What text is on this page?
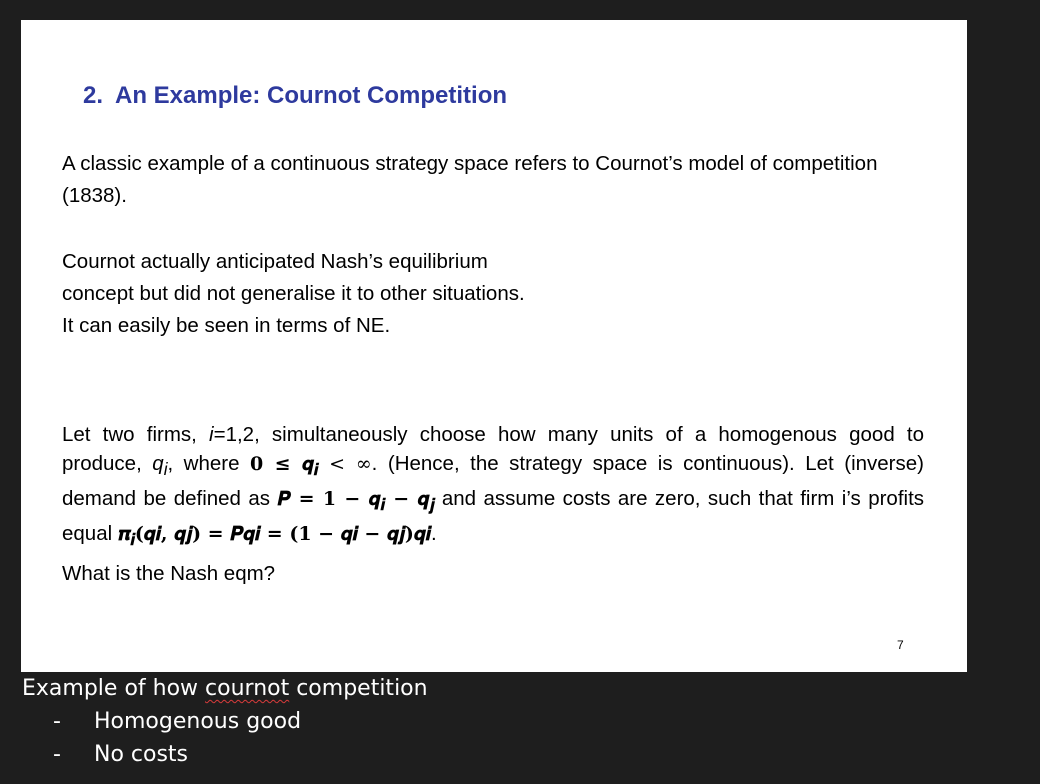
2. An Example: Cournot Competition

A classic example of a continuous strategy space refers to Cournot’s model of competition (1838).

Cournot actually anticipated Nash’s equilibrium
concept but did not generalise it to other situations.
It can easily be seen in terms of NE.

Let two firms, i=1,2, simultaneously choose how many units of a homogenous good to produce, $q_i$, where 0 ≤ 𝒒$_𝒊$ < ∞. (Hence, the strategy space is continuous). Let (inverse) demand be defined as 𝑷 = 𝟏 − 𝒒$_𝒊$ − 𝒒$_𝒋$ and assume costs are zero, such that firm i’s profits equal 𝝅$_𝒊$(𝒒𝒊, 𝒒𝒋) = 𝑷𝒒𝒊 = (𝟏 − 𝒒𝒊 − 𝒒𝒋)𝒒𝒊.

What is the Nash eqm?

7

Example of how cournot competition

- Homogenous good
- No costs
